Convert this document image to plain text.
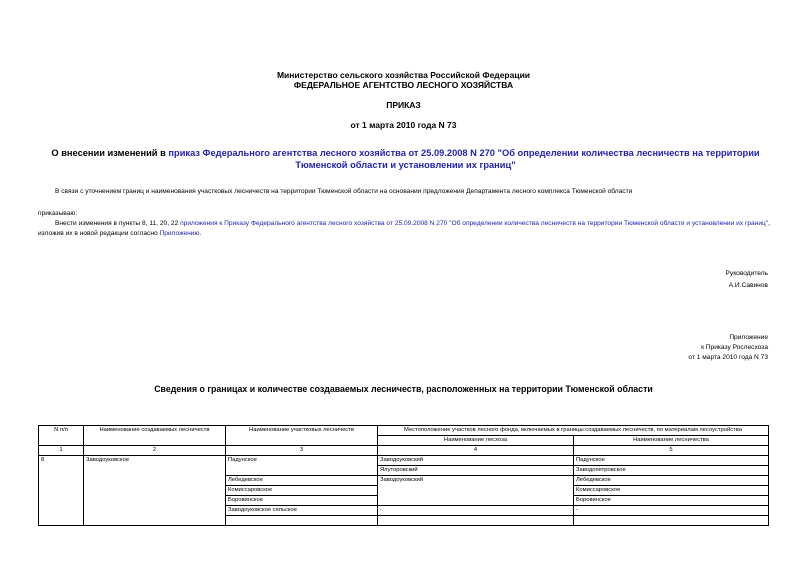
Министерство сельского хозяйства Российской Федерации
ФЕДЕРАЛЬНОЕ АГЕНТСТВО ЛЕСНОГО ХОЗЯЙСТВА
ПРИКАЗ
от 1 марта 2010 года N 73
О внесении изменений в приказ Федерального агентства лесного хозяйства от 25.09.2008 N 270 "Об определении количества лесничеств на территории Тюменской области и установлении их границ"
В связи с уточнением границ и наименования участковых лесничеств на территории Тюменской области на основании предложения Департамента лесного комплекса Тюменской области
приказываю:
Внести изменения в пункты 8, 11, 20, 22 приложения к Приказу Федерального агентства лесного хозяйства от 25.09.2008 N 270 "Об определении количества лесничеств на территории Тюменской области и установлении их границ", изложив их в новой редакции согласно Приложению.
Руководитель
А.И.Савинов
Приложение
к Приказу Рослесхоза
от 1 марта 2010 года N 73
Сведения о границах и количестве создаваемых лесничеств, расположенных на территории Тюменской области
N п/п	Наименование создаваемых лесничеств	Наименование участковых лесничеств	Местоположение участков лесного фонда, включаемых в границы создаваемых лесничеств, по материалам лесоустройства	
			Наименование лесхоза	Наименование лесничества
1	2	3	4	5
8	Заводоуковское	Падунское	Заводоуковский	Падунское
			Ялуторовский	Заводопетровское
		Лебедевское	Заводоуковский	Лебедевское
		Комиссаровское		Комиссаровское
		Боровинское		Боровинское
		Заводоуковское сельское	-	-
